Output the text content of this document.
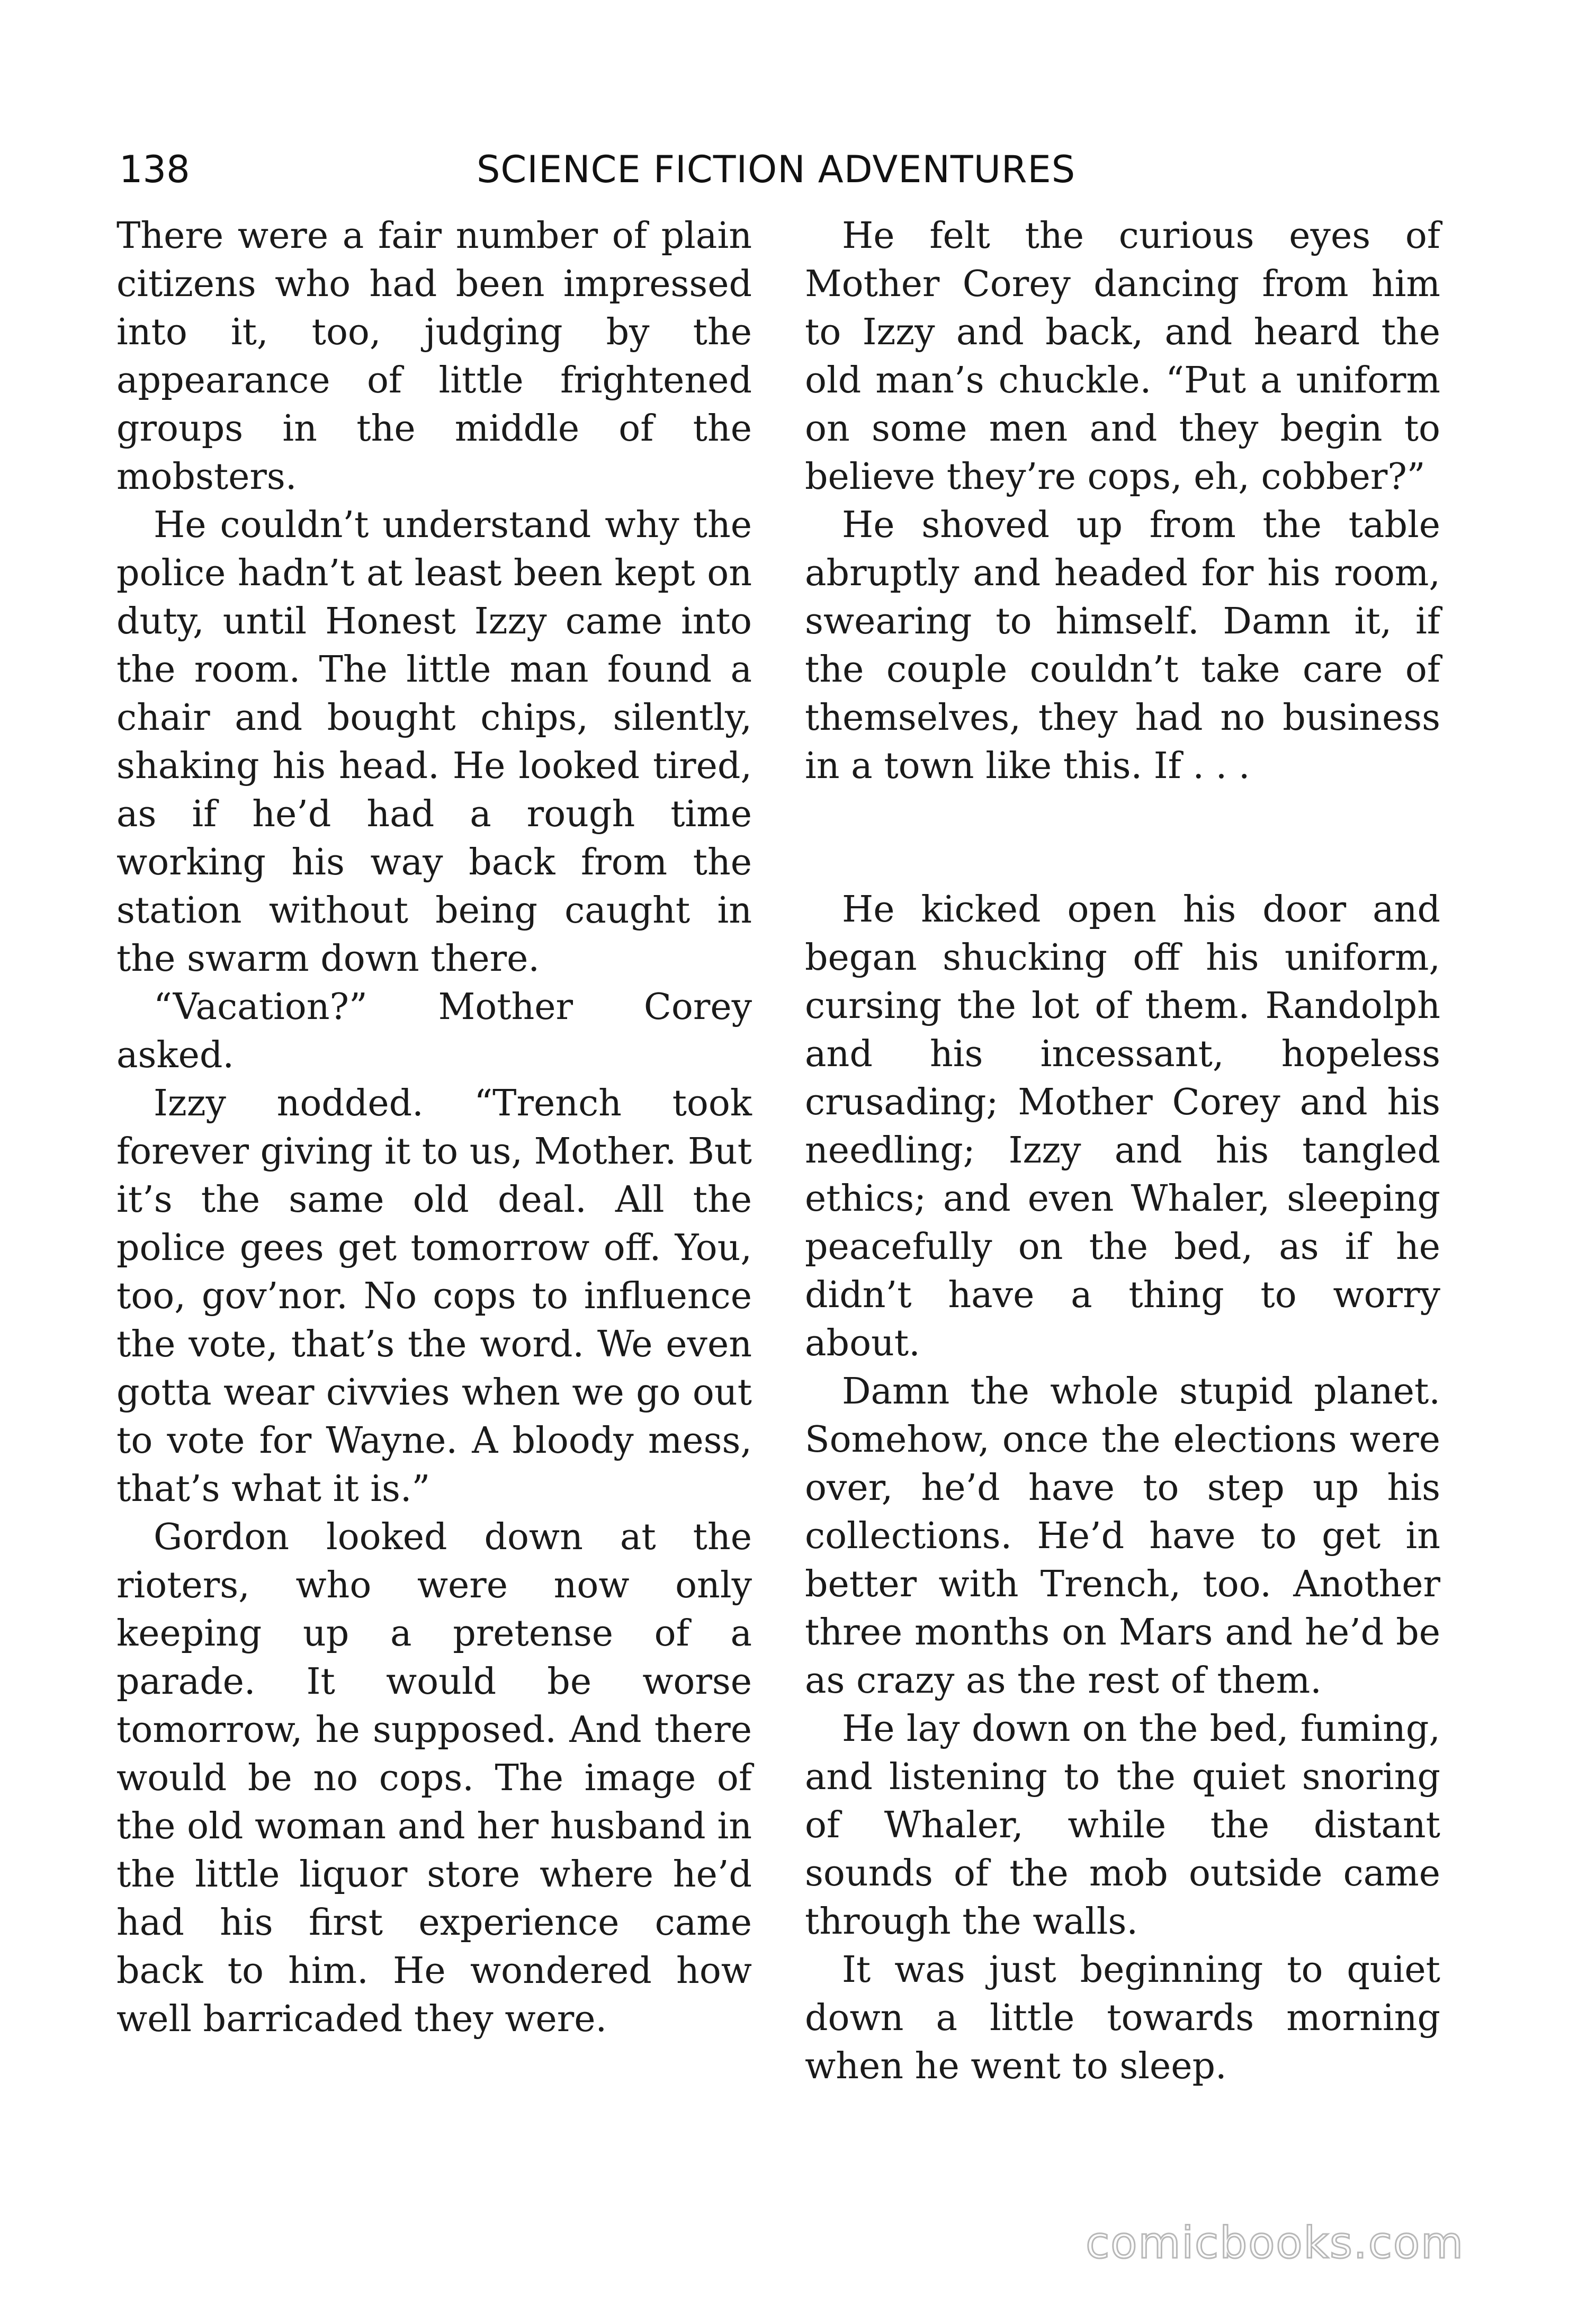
138	SCIENCE FICTION ADVENTURES

There were a fair number of plain citizens who had been impressed into it, too, judging by the appearance of little frightened groups in the middle of the mobsters.

He couldn’t understand why the police hadn’t at least been kept on duty, until Honest Izzy came into the room. The little man found a chair and bought chips, silently, shaking his head. He looked tired, as if he’d had a rough time working his way back from the station without being caught in the swarm down there.

“Vacation?” Mother Corey asked.

Izzy nodded. “Trench took forever giving it to us, Mother. But it’s the same old deal. All the police gees get tomorrow off. You, too, gov’nor. No cops to influence the vote, that’s the word. We even gotta wear civvies when we go out to vote for Wayne. A bloody mess, that’s what it is.”

Gordon looked down at the rioters, who were now only keeping up a pretense of a parade. It would be worse tomorrow, he supposed. And there would be no cops. The image of the old woman and her husband in the little liquor store where he’d had his first experience came back to him. He wondered how well barricaded they were.

He felt the curious eyes of Mother Corey dancing from him to Izzy and back, and heard the old man’s chuckle. “Put a uniform on some men and they begin to believe they’re cops, eh, cobber?”

He shoved up from the table abruptly and headed for his room, swearing to himself. Damn it, if the couple couldn’t take care of themselves, they had no business in a town like this. If . . .

He kicked open his door and began shucking off his uniform, cursing the lot of them. Randolph and his incessant, hopeless crusading; Mother Corey and his needling; Izzy and his tangled ethics; and even Whaler, sleeping peacefully on the bed, as if he didn’t have a thing to worry about.

Damn the whole stupid planet. Somehow, once the elections were over, he’d have to step up his collections. He’d have to get in better with Trench, too. Another three months on Mars and he’d be as crazy as the rest of them.

He lay down on the bed, fuming, and listening to the quiet snoring of Whaler, while the distant sounds of the mob outside came through the walls.

It was just beginning to quiet down a little towards morning when he went to sleep.

comicbooks.com
